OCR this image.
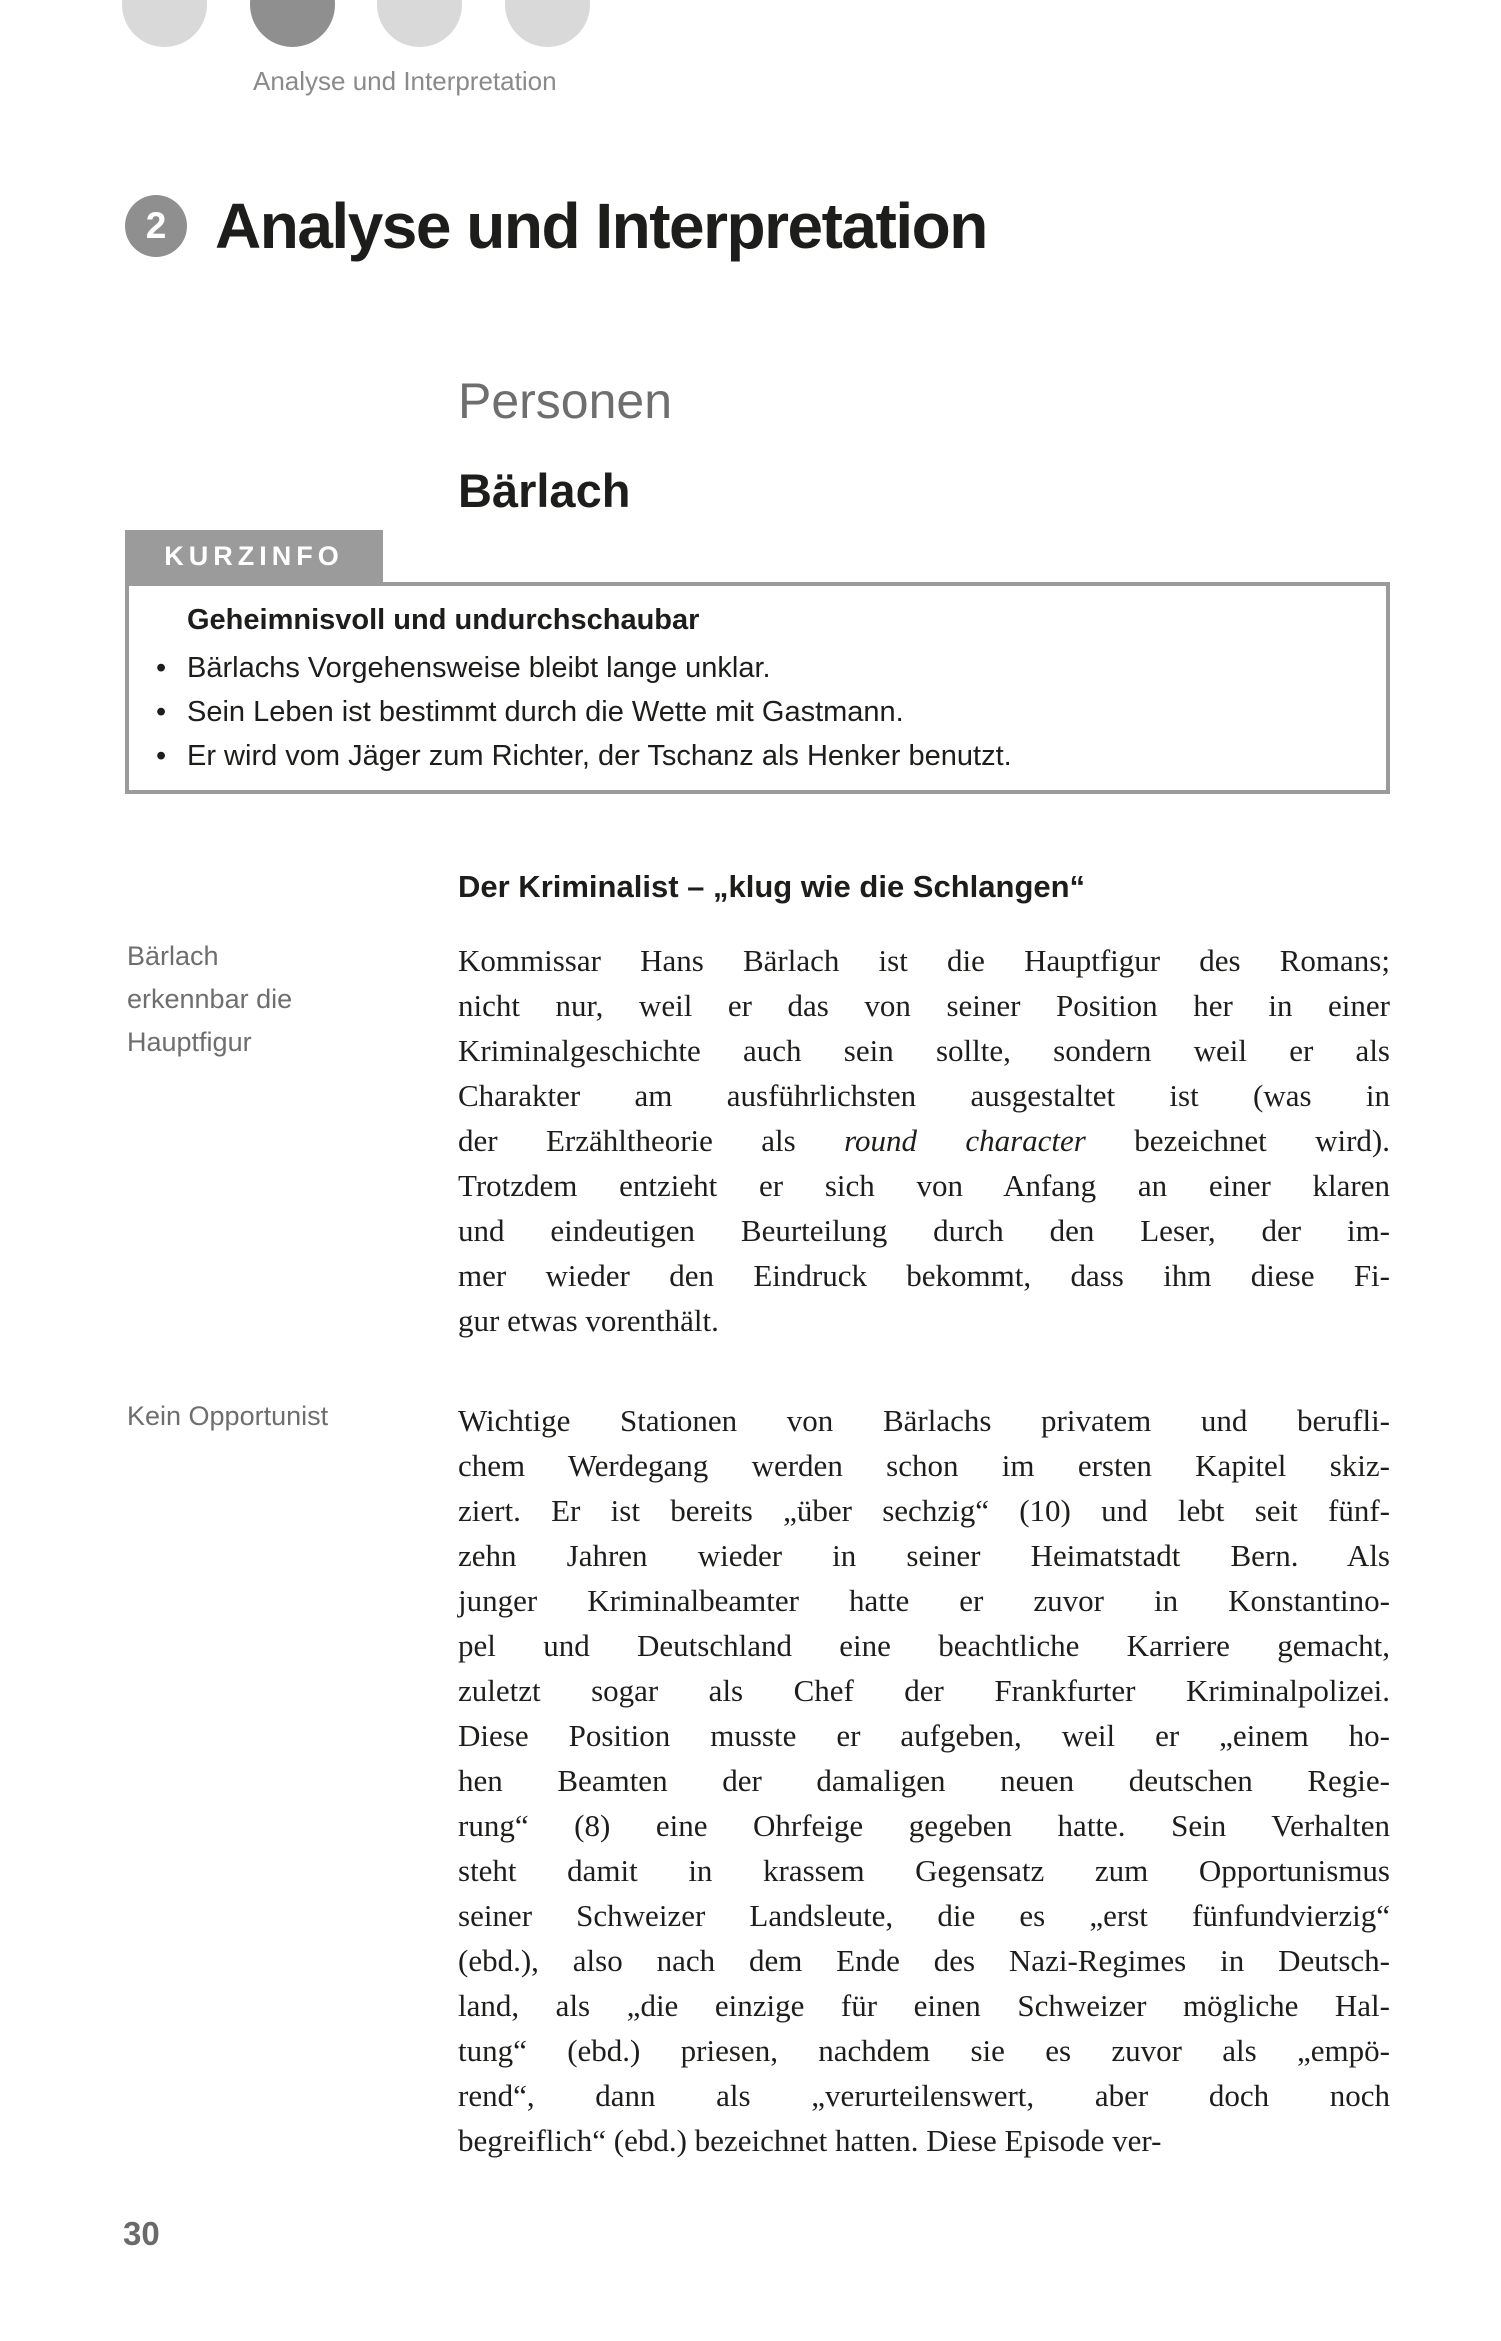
Analyse und Interpretation
2 Analyse und Interpretation
Personen
Bärlach
KURZINFO
Geheimnisvoll und undurchschaubar
• Bärlachs Vorgehensweise bleibt lange unklar.
• Sein Leben ist bestimmt durch die Wette mit Gastmann.
• Er wird vom Jäger zum Richter, der Tschanz als Henker benutzt.
Der Kriminalist – „klug wie die Schlangen“
Bärlach
erkennbar die
Hauptfigur
Kommissar Hans Bärlach ist die Hauptfigur des Romans;
nicht nur, weil er das von seiner Position her in einer
Kriminalgeschichte auch sein sollte, sondern weil er als
Charakter am ausführlichsten ausgestaltet ist (was in
der Erzähltheorie als round character bezeichnet wird).
Trotzdem entzieht er sich von Anfang an einer klaren
und eindeutigen Beurteilung durch den Leser, der im-
mer wieder den Eindruck bekommt, dass ihm diese Fi-
gur etwas vorenthält.
Kein Opportunist	Wichtige Stationen von Bärlachs privatem und berufli-
chem Werdegang werden schon im ersten Kapitel skiz-
ziert. Er ist bereits „über sechzig“ (10) und lebt seit fünf-
zehn Jahren wieder in seiner Heimatstadt Bern. Als
junger Kriminalbeamter hatte er zuvor in Konstantino-
pel und Deutschland eine beachtliche Karriere gemacht,
zuletzt sogar als Chef der Frankfurter Kriminalpolizei.
Diese Position musste er aufgeben, weil er „einem ho-
hen Beamten der damaligen neuen deutschen Regie-
rung“ (8) eine Ohrfeige gegeben hatte. Sein Verhalten
steht damit in krassem Gegensatz zum Opportunismus
seiner Schweizer Landsleute, die es „erst fünfundvierzig“
(ebd.), also nach dem Ende des Nazi-Regimes in Deutsch-
land, als „die einzige für einen Schweizer mögliche Hal-
tung“ (ebd.) priesen, nachdem sie es zuvor als „empö-
rend“, dann als „verurteilenswert, aber doch noch
begreiflich“ (ebd.) bezeichnet hatten. Diese Episode ver-
30
